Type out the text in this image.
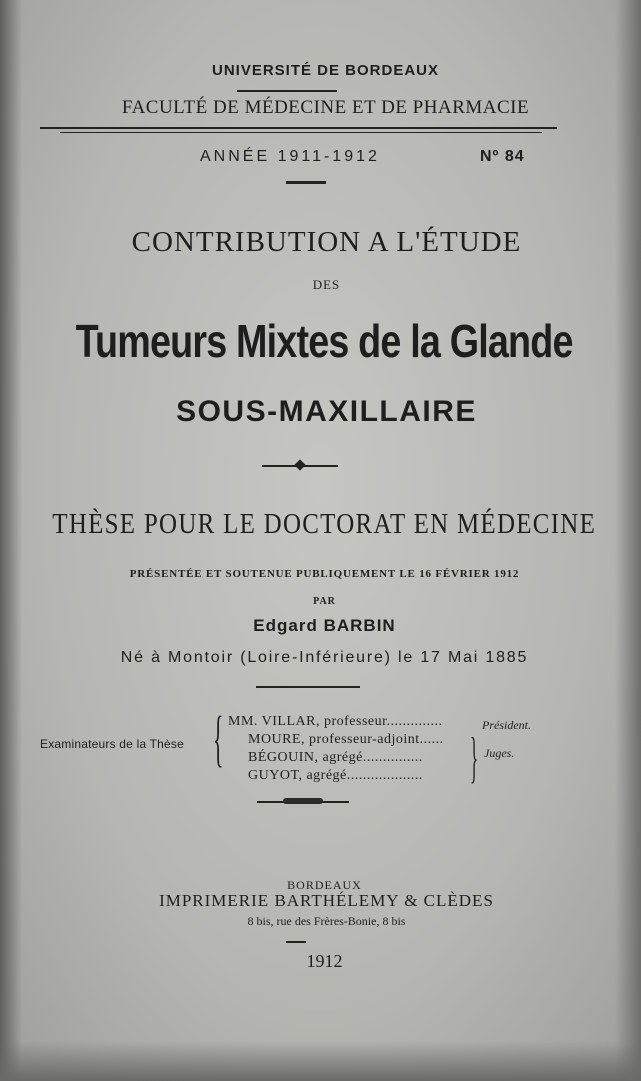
UNIVERSITÉ DE BORDEAUX
FACULTÉ DE MÉDECINE ET DE PHARMACIE
ANNÉE 1911-1912	Nº 84
CONTRIBUTION A L'ÉTUDE
DES
Tumeurs Mixtes de la Glande
SOUS-MAXILLAIRE
THÈSE POUR LE DOCTORAT EN MÉDECINE
PRÉSENTÉE ET SOUTENUE PUBLIQUEMENT LE 16 FÉVRIER 1912
PAR
Edgard BARBIN
Né à Montoir (Loire-Inférieure) le 17 Mai 1885
Examinateurs de la Thèse { MM. VILLAR, professeur..............
MOURE, professeur-adjoint......
BÉGOUIN, agrégé...............
GUYOT, agrégé................... }
Président.
Juges.
BORDEAUX
IMPRIMERIE BARTHÉLEMY & CLÈDES
8 bis, rue des Frères-Bonie, 8 bis
1912
